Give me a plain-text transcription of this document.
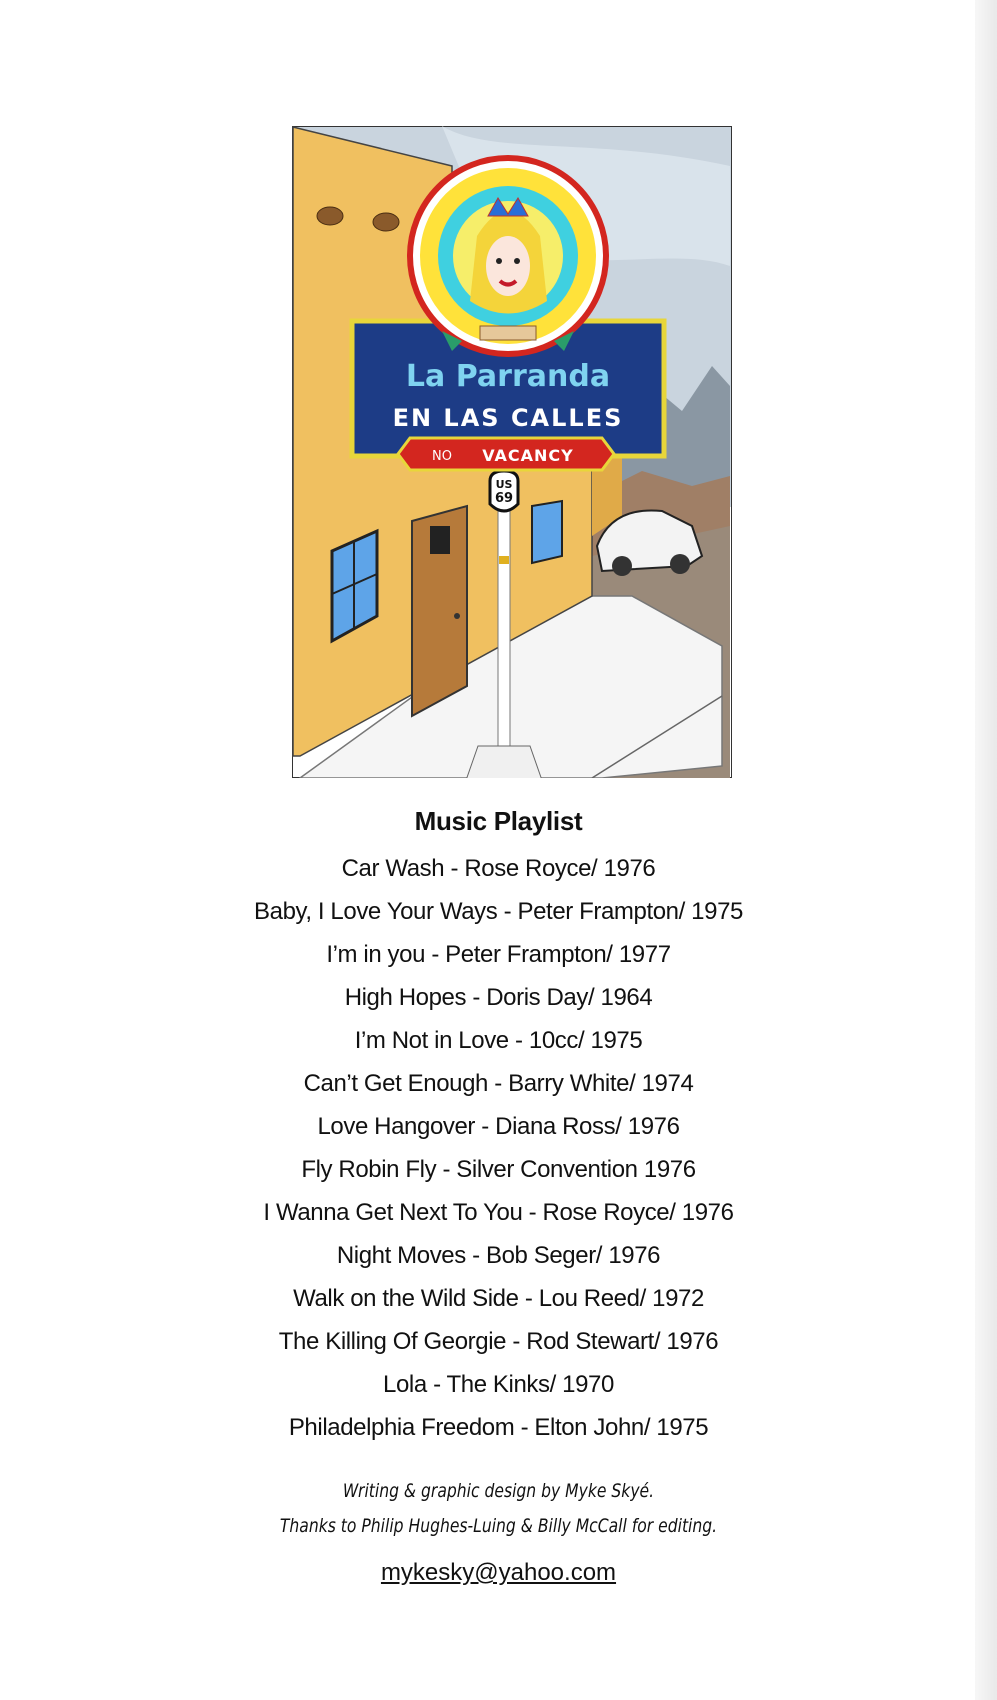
US
69
La Parranda
EN LAS CALLES
NO VACANCY
Music Playlist
Car Wash - Rose Royce/ 1976
Baby, I Love Your Ways - Peter Frampton/ 1975
I’m in you - Peter Frampton/ 1977
High Hopes - Doris Day/ 1964
I’m Not in Love - 10cc/ 1975
Can’t Get Enough - Barry White/ 1974
Love Hangover - Diana Ross/ 1976
Fly Robin Fly - Silver Convention 1976
I Wanna Get Next To You - Rose Royce/ 1976
Night Moves - Bob Seger/ 1976
Walk on the Wild Side - Lou Reed/ 1972
The Killing Of Georgie - Rod Stewart/ 1976
Lola - The Kinks/ 1970
Philadelphia Freedom - Elton John/ 1975
Writing & graphic design by Myke Skyé.
Thanks to Philip Hughes-Luing & Billy McCall for editing.
mykesky@yahoo.com
